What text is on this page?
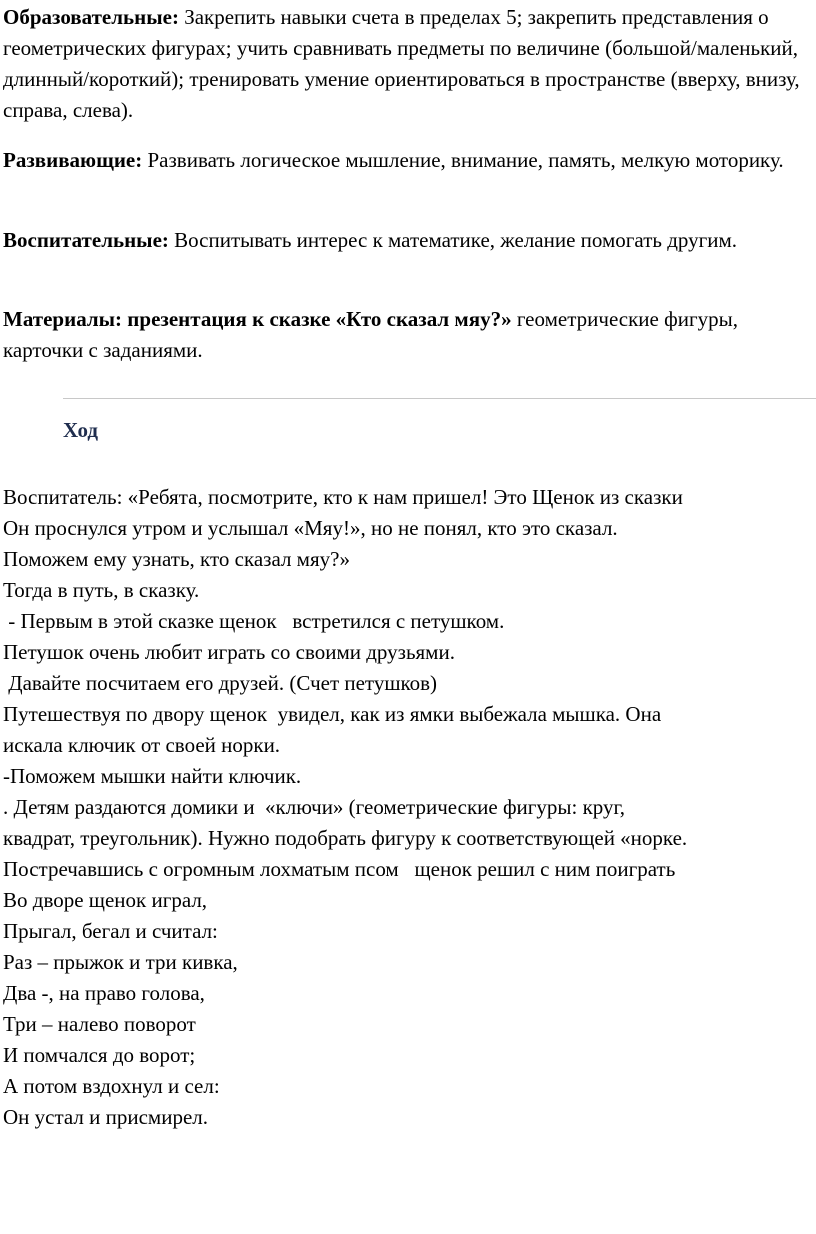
Образовательные: Закрепить навыки счета в пределах 5; закрепить представления о геометрических фигурах; учить сравнивать предметы по величине (большой/маленький, длинный/короткий); тренировать умение ориентироваться в пространстве (вверху, внизу, справа, слева).

Развивающие: Развивать логическое мышление, внимание, память, мелкую моторику.

Воспитательные: Воспитывать интерес к математике, желание помогать другим.

Материалы: презентация к сказке «Кто сказал мяу?» геометрические фигуры, карточки с заданиями.

Ход
Воспитатель: «Ребята, посмотрите, кто к нам пришел! Это Щенок из сказки
Он проснулся утром и услышал «Мяу!», но не понял, кто это сказал.
Поможем ему узнать, кто сказал мяу?»
Тогда в путь, в сказку.
- Первым в этой сказке щенок   встретился с петушком.
Петушок очень любит играть со своими друзьями.
Давайте посчитаем его друзей. (Счет петушков)
Путешествуя по двору щенок  увидел, как из ямки выбежала мышка. Она
искала ключик от своей норки.
-Поможем мышки найти ключик.
. Детям раздаются домики и  «ключи» (геометрические фигуры: круг,
квадрат, треугольник). Нужно подобрать фигуру к соответствующей «норке.
Постречавшись с огромным лохматым псом   щенок решил с ним поиграть
Во дворе щенок играл,
Прыгал, бегал и считал:
Раз – прыжок и три кивка,
Два -, на право голова,
Три – налево поворот
И помчался до ворот;
А потом вздохнул и сел:
Он устал и присмирел.
